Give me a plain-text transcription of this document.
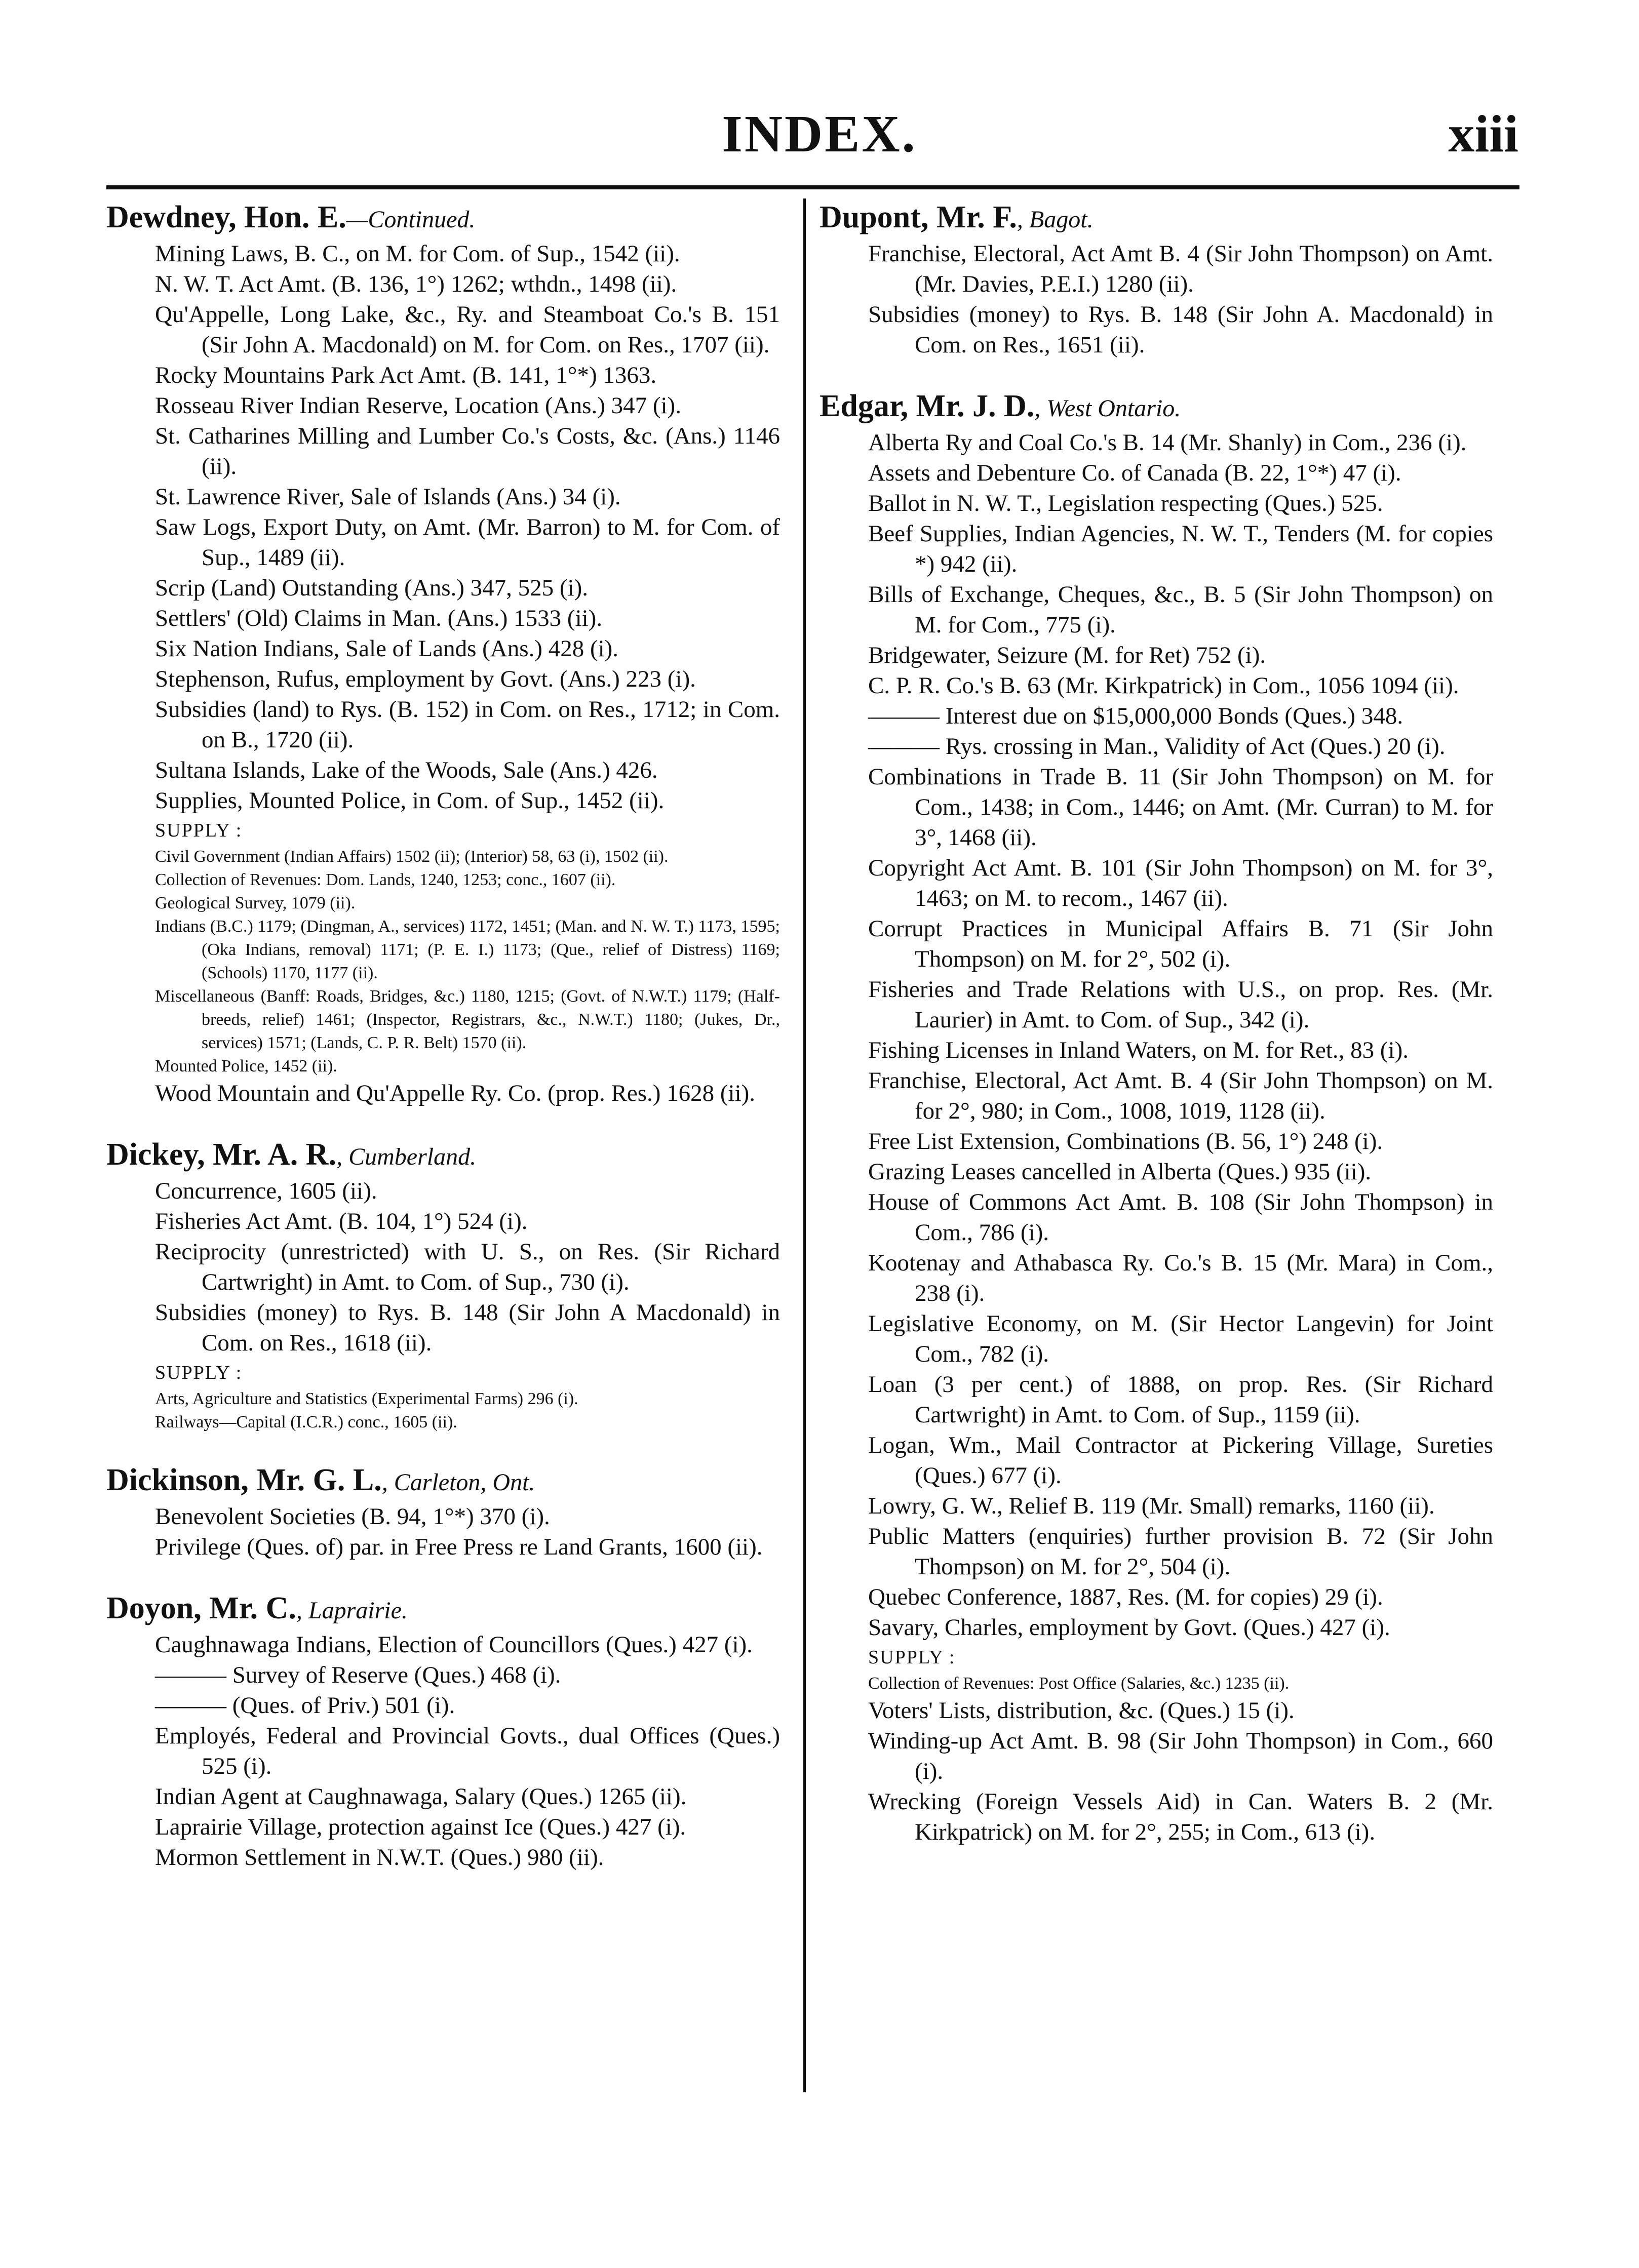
INDEX.	xiii

Dewdney, Hon. E.—Continued.

Mining Laws, B. C., on M. for Com. of Sup., 1542 (ii).
N. W. T. Act Amt. (B. 136, 1°) 1262; wthdn., 1498 (ii).
Qu'Appelle, Long Lake, &c., Ry. and Steamboat Co.'s B. 151 (Sir John A. Macdonald) on M. for Com. on Res., 1707 (ii).
Rocky Mountains Park Act Amt. (B. 141, 1°*) 1363.
Rosseau River Indian Reserve, Location (Ans.) 347 (i).
St. Catharines Milling and Lumber Co.'s Costs, &c. (Ans.) 1146 (ii).
St. Lawrence River, Sale of Islands (Ans.) 34 (i).
Saw Logs, Export Duty, on Amt. (Mr. Barron) to M. for Com. of Sup., 1489 (ii).
Scrip (Land) Outstanding (Ans.) 347, 525 (i).
Settlers' (Old) Claims in Man. (Ans.) 1533 (ii).
Six Nation Indians, Sale of Lands (Ans.) 428 (i).
Stephenson, Rufus, employment by Govt. (Ans.) 223 (i).
Subsidies (land) to Rys. (B. 152) in Com. on Res., 1712; in Com. on B., 1720 (ii).
Sultana Islands, Lake of the Woods, Sale (Ans.) 426.
Supplies, Mounted Police, in Com. of Sup., 1452 (ii).
SUPPLY :
Civil Government (Indian Affairs) 1502 (ii); (Interior) 58, 63 (i), 1502 (ii).
Collection of Revenues: Dom. Lands, 1240, 1253; conc., 1607 (ii).
Geological Survey, 1079 (ii).
Indians (B.C.) 1179; (Dingman, A., services) 1172, 1451; (Man. and N. W. T.) 1173, 1595; (Oka Indians, removal) 1171; (P. E. I.) 1173; (Que., relief of Distress) 1169; (Schools) 1170, 1177 (ii).
Miscellaneous (Banff: Roads, Bridges, &c.) 1180, 1215; (Govt. of N.W.T.) 1179; (Half-breeds, relief) 1461; (Inspector, Registrars, &c., N.W.T.) 1180; (Jukes, Dr., services) 1571; (Lands, C. P. R. Belt) 1570 (ii).
Mounted Police, 1452 (ii).
Wood Mountain and Qu'Appelle Ry. Co. (prop. Res.) 1628 (ii).

Dickey, Mr. A. R., Cumberland.

Concurrence, 1605 (ii).
Fisheries Act Amt. (B. 104, 1°) 524 (i).
Reciprocity (unrestricted) with U. S., on Res. (Sir Richard Cartwright) in Amt. to Com. of Sup., 730 (i).
Subsidies (money) to Rys. B. 148 (Sir John A Macdonald) in Com. on Res., 1618 (ii).
SUPPLY :
Arts, Agriculture and Statistics (Experimental Farms) 296 (i).
Railways—Capital (I.C.R.) conc., 1605 (ii).

Dickinson, Mr. G. L., Carleton, Ont.

Benevolent Societies (B. 94, 1°*) 370 (i).
Privilege (Ques. of) par. in Free Press re Land Grants, 1600 (ii).

Doyon, Mr. C., Laprairie.

Caughnawaga Indians, Election of Councillors (Ques.) 427 (i).
——— Survey of Reserve (Ques.) 468 (i).
——— (Ques. of Priv.) 501 (i).
Employés, Federal and Provincial Govts., dual Offices (Ques.) 525 (i).
Indian Agent at Caughnawaga, Salary (Ques.) 1265 (ii).
Laprairie Village, protection against Ice (Ques.) 427 (i).
Mormon Settlement in N.W.T. (Ques.) 980 (ii).

Dupont, Mr. F., Bagot.

Franchise, Electoral, Act Amt B. 4 (Sir John Thompson) on Amt. (Mr. Davies, P.E.I.) 1280 (ii).
Subsidies (money) to Rys. B. 148 (Sir John A. Macdonald) in Com. on Res., 1651 (ii).

Edgar, Mr. J. D., West Ontario.

Alberta Ry and Coal Co.'s B. 14 (Mr. Shanly) in Com., 236 (i).
Assets and Debenture Co. of Canada (B. 22, 1°*) 47 (i).
Ballot in N. W. T., Legislation respecting (Ques.) 525.
Beef Supplies, Indian Agencies, N. W. T., Tenders (M. for copies *) 942 (ii).
Bills of Exchange, Cheques, &c., B. 5 (Sir John Thompson) on M. for Com., 775 (i).
Bridgewater, Seizure (M. for Ret) 752 (i).
C. P. R. Co.'s B. 63 (Mr. Kirkpatrick) in Com., 1056 1094 (ii).
——— Interest due on $15,000,000 Bonds (Ques.) 348.
——— Rys. crossing in Man., Validity of Act (Ques.) 20 (i).
Combinations in Trade B. 11 (Sir John Thompson) on M. for Com., 1438; in Com., 1446; on Amt. (Mr. Curran) to M. for 3°, 1468 (ii).
Copyright Act Amt. B. 101 (Sir John Thompson) on M. for 3°, 1463; on M. to recom., 1467 (ii).
Corrupt Practices in Municipal Affairs B. 71 (Sir John Thompson) on M. for 2°, 502 (i).
Fisheries and Trade Relations with U.S., on prop. Res. (Mr. Laurier) in Amt. to Com. of Sup., 342 (i).
Fishing Licenses in Inland Waters, on M. for Ret., 83 (i).
Franchise, Electoral, Act Amt. B. 4 (Sir John Thompson) on M. for 2°, 980; in Com., 1008, 1019, 1128 (ii).
Free List Extension, Combinations (B. 56, 1°) 248 (i).
Grazing Leases cancelled in Alberta (Ques.) 935 (ii).
House of Commons Act Amt. B. 108 (Sir John Thompson) in Com., 786 (i).
Kootenay and Athabasca Ry. Co.'s B. 15 (Mr. Mara) in Com., 238 (i).
Legislative Economy, on M. (Sir Hector Langevin) for Joint Com., 782 (i).
Loan (3 per cent.) of 1888, on prop. Res. (Sir Richard Cartwright) in Amt. to Com. of Sup., 1159 (ii).
Logan, Wm., Mail Contractor at Pickering Village, Sureties (Ques.) 677 (i).
Lowry, G. W., Relief B. 119 (Mr. Small) remarks, 1160 (ii).
Public Matters (enquiries) further provision B. 72 (Sir John Thompson) on M. for 2°, 504 (i).
Quebec Conference, 1887, Res. (M. for copies) 29 (i).
Savary, Charles, employment by Govt. (Ques.) 427 (i).
SUPPLY :
Collection of Revenues: Post Office (Salaries, &c.) 1235 (ii).
Voters' Lists, distribution, &c. (Ques.) 15 (i).
Winding-up Act Amt. B. 98 (Sir John Thompson) in Com., 660 (i).
Wrecking (Foreign Vessels Aid) in Can. Waters B. 2 (Mr. Kirkpatrick) on M. for 2°, 255; in Com., 613 (i).
